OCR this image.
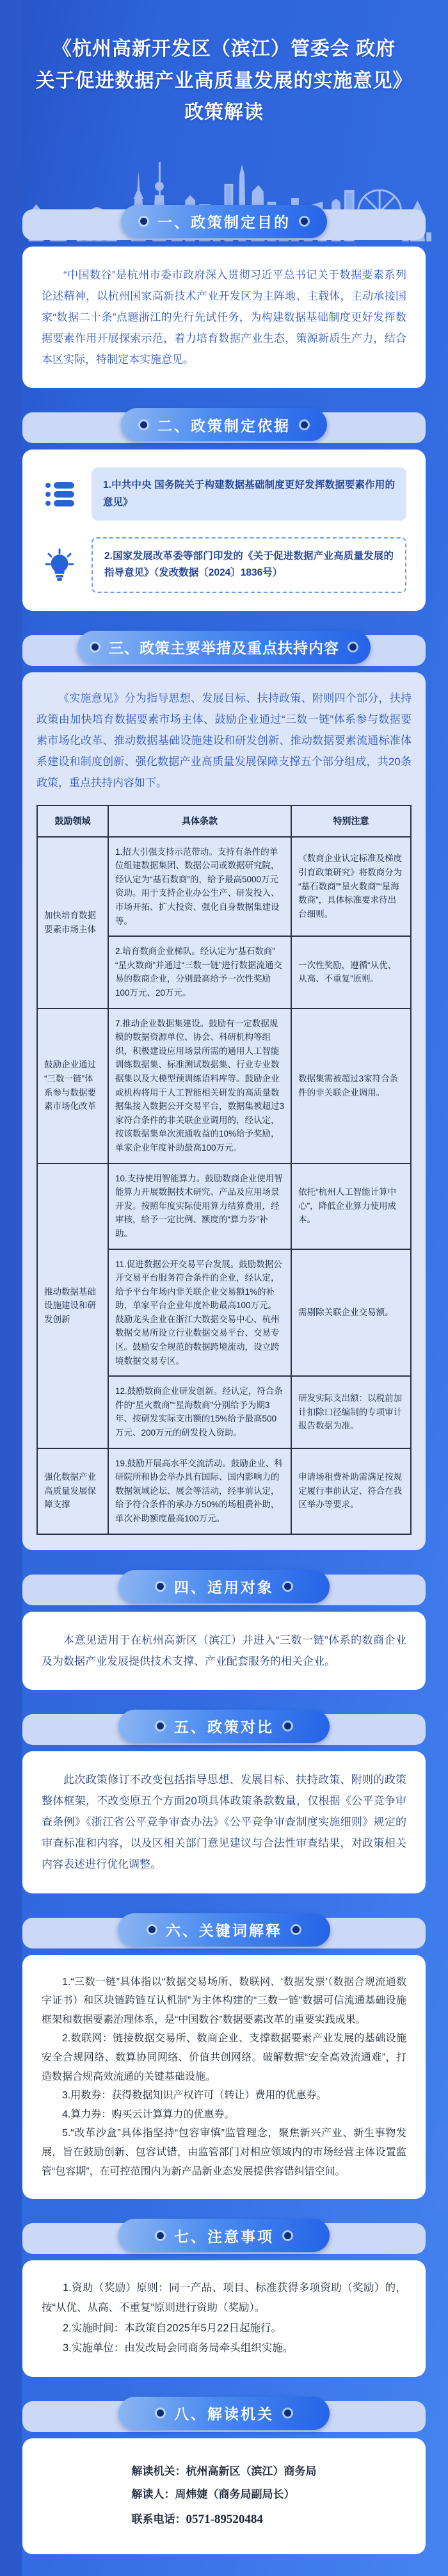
《杭州高新开发区（滨江）管委会 政府
关于促进数据产业高质量发展的实施意见》
政策解读
一、政策制定目的

“中国数谷”是杭州市委市政府深入贯彻习近平总书记关于数据要素系列论述精神，以杭州国家高新技术产业开发区为主阵地、主载体，主动承接国家“数据二十条”点题浙江的先行先试任务，为构建数据基础制度更好发挥数据要素作用开展探索示范，着力培育数据产业生态，策源新质生产力，结合本区实际，特制定本实施意见。

二、政策制定依据
1.中共中央 国务院关于构建数据基础制度更好发挥数据要素作用的意见》
2.国家发展改革委等部门印发的《关于促进数据产业高质量发展的指导意见》（发改数据〔2024〕1836号）
三、政策主要举措及重点扶持内容

《实施意见》分为指导思想、发展目标、扶持政策、附则四个部分，扶持政策由加快培育数据要素市场主体、鼓励企业通过“三数一链”体系参与数据要素市场化改革、推动数据基础设施建设和研发创新、推动数据要素流通标准体系建设和制度创新、强化数据产业高质量发展保障支撑五个部分组成，共20条政策，重点扶持内容如下。

鼓励领域	具体条款	特别注意
加快培育数据要素市场主体	1.招大引强支持示范带动。支持有条件的单位组建数据集团、数据公司或数据研究院，经认定为“基石数商”的，给予最高5000万元资助。用于支持企业办公生产、研发投入、市场开拓、扩大投资、强化自身数据集建设等。	《数商企业认定标准及梯度引育政策研究》将数商分为“基石数商”“星火数商”“星海数商”，具体标准要求待出台细则。
	2.培育数商企业梯队。经认定为“基石数商”“星火数商”并通过“三数一链”进行数据流通交易的数商企业，分别最高给予一次性奖励100万元、20万元。	一次性奖励，遵循“从优、从高、不重复”原则。
鼓励企业通过“三数一链”体系参与数据要素市场化改革	7.推动企业数据集建设。鼓励有一定数据规模的数据资源单位、协会、科研机构等组织，积极建设应用场景所需的通用人工智能训练数据集、标准测试数据集、行业专业数据集以及大模型预训练语料库等。鼓励企业或机构将用于人工智能相关研发的高质量数据集接入数据公开交易平台，数据集被超过3家符合条件的非关联企业调用的，经认定，按该数据集单次流通收益的10%给予奖励，单家企业年度补助最高100万元。	数据集需被超过3家符合条件的非关联企业调用。
推动数据基础设施建设和研发创新	10.支持使用智能算力。鼓励数商企业使用智能算力开展数据技术研究、产品及应用场景开发。按照年度实际使用算力结算费用，经审核，给予一定比例、额度的“算力券”补助。	依托“杭州人工智能计算中心”，降低企业算力使用成本。
	11.促进数据公开交易平台发展。鼓励数据公开交易平台服务符合条件的企业，经认定，给予平台年场内非关联企业交易额1%的补助，单家平台企业年度补助最高100万元。鼓励龙头企业在浙江大数据交易中心、杭州数据交易所设立行业数据交易平台、交易专区。鼓励安全规范的数据跨境流动，设立跨境数据交易专区。	需剔除关联企业交易额。
	12.鼓励数商企业研发创新。经认定，符合条件的“星火数商”“星海数商”分别给予为期3年、按研发实际支出额的15%给予最高500万元、200万元的研发投入资助。	研发实际支出额：以税前加计扣除口径编制的专项审计报告数据为准。
强化数据产业高质量发展保障支撑	19.鼓励开展高水平交流活动。鼓励企业、科研院所和协会举办具有国际、国内影响力的数据领域论坛、展会等活动，经事前认定，给予符合条件的承办方50%的场租费补助，单次补助额度最高100万元。	申请场租费补助需满足按规定履行事前认定、符合在我区举办等要求。
四、适用对象

本意见适用于在杭州高新区（滨江）并进入“三数一链”体系的数商企业及为数据产业发展提供技术支撑、产业配套服务的相关企业。

五、政策对比

此次政策修订不改变包括指导思想、发展目标、扶持政策、附则的政策整体框架，不改变原五个方面20项具体政策条款数量，仅根据《公平竞争审查条例》《浙江省公平竞争审查办法》《公平竞争审查制度实施细则》规定的审查标准和内容，以及区相关部门意见建议与合法性审查结果，对政策相关内容表述进行优化调整。

六、关键词解释

1.“三数一链”具体指以“数据交易场所、数联网、‘数据发票’（数据合规流通数字证书）和区块链跨链互认机制”为主体构建的“三数一链”数据可信流通基础设施框架和数据要素治理体系，是“中国数谷”数据要素改革的重要实践成果。

2.数联网：链接数据交易所、数商企业、支撑数据要素产业发展的基础设施安全合规网络、数算协同网络、价值共创网络。破解数据“安全高效流通难”，打造数据合规高效流通的关键基础设施。

3.用数券：获得数据知识产权许可（转让）费用的优惠券。

4.算力券：购买云计算算力的优惠券。

5.“改革沙盒”具体指坚持“包容审慎”监管理念，聚焦新兴产业、新生事物发展，旨在鼓励创新、包容试错，由监管部门对相应领域内的市场经营主体设置监管“包容期”，在可控范围内为新产品新业态发展提供容错纠错空间。

七、注意事项

1.资助（奖励）原则：同一产品、项目、标准获得多项资助（奖励）的，按“从优、从高、不重复”原则进行资助（奖励）。

2.实施时间：本政策自2025年5月22日起施行。

3.实施单位：由发改局会同商务局牵头组织实施。

八、解读机关

解读机关：杭州高新区（滨江）商务局

解读人：周炜婕（商务局副局长）

联系电话：0571-89520484
